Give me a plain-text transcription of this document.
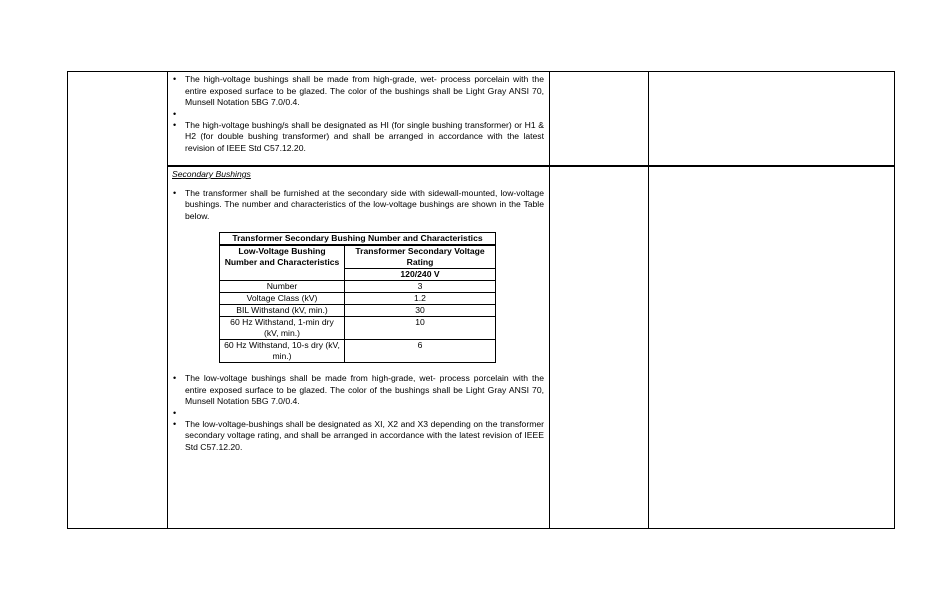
• The high-voltage bushings shall be made from high-grade, wet- process porcelain with the entire exposed surface to be glazed. The color of the bushings shall be Light Gray ANSI 70, Munsell Notation 5BG 7.0/0.4.
•
• The high-voltage bushing/s shall be designated as HI (for single bushing transformer) or H1 & H2 (for double bushing transformer) and shall be arranged in accordance with the latest revision of IEEE Std C57.12.20.
Secondary Bushings
• The transformer shall be furnished at the secondary side with sidewall-mounted, low-voltage bushings. The number and characteristics of the low-voltage bushings are shown in the Table below.
Transformer Secondary Bushing Number and Characteristics	
Low-Voltage Bushing Number and Characteristics	Transformer Secondary Voltage Rating
	120/240 V
Number	3
Voltage Class (kV)	1.2
BIL Withstand (kV, min.)	30
60 Hz Withstand, 1-min dry (kV, min.)	10
60 Hz Withstand, 10-s dry (kV, min.)	6
• The low-voltage bushings shall be made from high-grade, wet- process porcelain with the entire exposed surface to be glazed. The color of the bushings shall be Light Gray ANSI 70, Munsell Notation 5BG 7.0/0.4.
•
• The low-voltage-bushings shall be designated as XI, X2 and X3 depending on the transformer secondary voltage rating, and shall be arranged in accordance with the latest revision of IEEE Std C57.12.20.
